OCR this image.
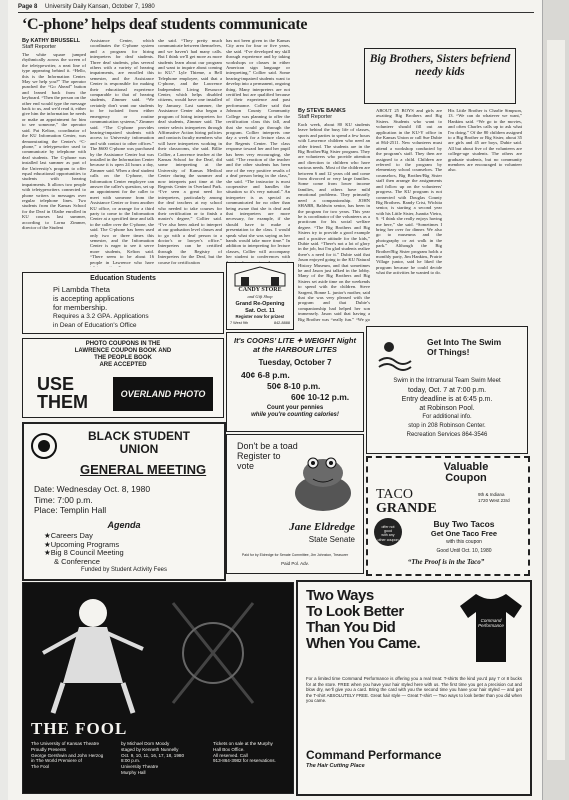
Page 8 University Daily Kansan, October 7, 1980
‘C-phone’ helps deaf students communicate
By KATHY BRUSSELL
Staff Reporter
The white square jumped rhythmically across the screen of the teletypewriter, a neat line of type appearing behind it. “Hello, this is the Information Center. May we help you?” The operator punched the “Go Ahead” button and leaned back from the keyboard. “Then the person on the other end would type the message back to us, and we'd read it, either give him the information he needs or make an appointment for him to see someone,” the operator said. Pat Kelton, coordinator of the KU Information Center, was demonstrating the Center's “C-phone,” a teletypewriter used to communicate by telephone with deaf students. The C-phone was installed last summer as part of the University's program to offer equal educational opportunities to students with hearing impairments. It allows two people with teletypewriters connected to phone writers to messages over regular telephone lines. Two students from the Kansas School for the Deaf in Olathe enrolled in KU courses last summer, according to Lorna Zimmer, director of the Student
Assistance Center, which coordinates the C-phone system and a program for hiring interpreters for deaf students. Three deaf students, plus several others with a variety of hearing impairments, are enrolled this semester, and the Assistance Center is responsible for making their educational experience comparable to that of hearing students, Zimmer said. “We certainly don't want our students to be isolated from either emergency or routine communication systems,” Zimmer said. “The C-phone provides hearing-impaired students with access to University information and with contact to other offices.” The $600 C-phone was purchased by the Assistance Center but was installed in the Information Center because it is open 24 hours a day, Zimmer said. When a deaf student calls on the C-phone, the Information Center employee can answer the caller's question, set up an appointment for the caller to meet with someone from the Assistance Center or from another KU office, or arrange for a third party to come to the Information Center at a specified time and talk to the caller over the C-phone, she said. The C-phone has been used only two or three times this semester, and the Information Center is eager to see it serve more students, Kelton said. “There seem to be about 16 people in Lawrence who have
she said. “They pretty much communicate between themselves, and we haven't had many calls. But I think we'll get more as more students learn about our program and want to inquire about coming to KU.” Lyle Thieme, a Bell Telephone employee, said that a C-phone, and the Lawrence Independent Living Resource Center, which helps disabled citizens, would have one installed by January. Last summer, the Assistance Center also began a program of hiring interpreters for deaf students, Zimmer said. The center selects interpreters through Affirmative Action hiring policies and contacts faculty members who will have interpreters working in their classrooms, she said. Billie Collier, a Lawrence teacher at the Kansas School for the Deaf, did some interpreting at the University of Kansas Medical Center during the summer and now interprets part time at the Regents Center in Overland Park. “I've seen a great need for interpreters, particularly among the deaf teachers at my school who needed to take courses for their certification or to finish a master's degree,” Collier said. “I've also been asked to interpret at our graduation level classes and to go with a deaf person to a doctor's or lawyer's office.” Interpreters can be certified through the Registry of Interpreters for the Deaf, but the course for certification
has not been given in the Kansas City area for four or five years, she said. “I've developed my skill through experience and by taking workshops or classes in either American sign language or interpreting,” Collier said. Some hearing-impaired students want to develop into a permanent, ongoing thing. Many interpreters are not certified but are qualified because of their experience and past performance. Collier said that Johnson County Community College was planning to offer the certification class this fall, and that she would go through the program. Collier interprets one day a week for a lecture class at the Regents Center. The class response toward her and her pupil has been very encouraging, she said. “The reaction of the teacher and the other students has been one of the very positive results of a deaf person being in the class,” she said. “The instructor is most cooperative and handles the situation so it's very natural.” An interpreter is as special as communicated for no other than being aware that she is deaf and that interpreters are more necessary, for example, if she should have to make a presentation to the class. I would speak what she was saying as her hands would take more time.” In addition to interpreting for lecture classes, Collier will accompany her student to conferences with
Big Brothers, Sisters befriend needy kids
By STEVE BANKS
Staff Reporter
Each week, about 80 KU students leave behind the busy life of classes, sports and parties to spend a few hours with Lawrence children who need an older friend. The students are in the Big Brother/Big Sister program. They are volunteers who provide attention and direction to children who have various needs. Most of the children are between 6 and 12 years old and come from divorced or very large families. Some come from lower income families, and others have mild emotional problems. They primarily need a companionship. JOHN SHABB, Baldwin senior, has been in the program for two years. This year he is coordinator of the volunteers as a practicum for his social welfare degree. “The Big Brothers and Big Sisters try to provide a good example and a positive attitude for the kids,” Dubie said. “There's not a lot of glory in the job, but I'm glad students realize there's a need for it.” Dubie said that Jason enjoyed going to the KU Natural History Museum, and that sometimes he and Jason just talked in the lobby. Many of the Big Brothers and Big Sisters set aside time on the weekends to spend with the children. Steve Sargent, Bonne L. junior's mother, said that she was very pleased with the program and that Dubie’s companionship had helped her son immensely. Jason said that having a Big Brother was “really fun.” “We go
ABOUT 25 BOYS and girls are awaiting Big Brothers and Big Sisters. Students who want to volunteer should fill out an application in the KU-Y office in the Kansas Union or call Sue Dubie at 864-2511. New volunteers must attend a workshop conducted by the program's staff. They then are assigned to a child. Children are referred to the program by elementary school counselors. The counselors, Big Brother/Big Sister staff then arrange the assignments and follow up on the volunteers' progress. The KU program is not connected with Douglas County Big Brothers. Randy Crist, Wichita senior, is starting a second year with his Little Sister, Juanita Vieira, 9. “I think she really enjoys having me here,” she said. “Sometimes I bring her over for dinner. We also go to museums and the photography or art walk in the park.” Although the Big Brother/Big Sister program holds a monthly party, Jim Hankins, Prairie Village junior, said he liked the program because he could decide what the activities he wanted to do.
His Little Brother is Charlie Simpson, 13. “We can do whatever we want,” Hankins said. “We go to the movies, and often Charles calls up to ask what I'm doing.” Of the 80 children assigned to a Big Brother or Big Sister, about 35 are girls and 45 are boys, Dubie said. All but about five of the volunteers are college-age students. The others are graduate students, but no community members are encouraged to volunteer also.
Education Students
Pi Lambda Theta
is accepting applications
for membership.
Requires a 3.2 GPA. Applications
in Dean of Education's Office
PHOTO COUPONS IN THE
LAWRENCE COUPON BOOK AND
THE PEOPLE BOOK
ARE ACCEPTED
USE
THEM	OVERLAND PHOTO
BLACK STUDENT
UNION
GENERAL MEETING
Date: Wednesday Oct. 8, 1980
Time: 7:00 p.m.
Place: Templin Hall
Agenda
★Careers Day
★Upcoming Programs
★Big 8 Council Meeting
& Conference
Funded by Student Activity Fees
CANDY STORE
and Gift Shop
Grand Re-Opening
Sat. Oct. 11
Register now for prizes!
7 West 9th	842-8888
It's COORS’ LITE ✦ WEIGHT Night
at the HARBOUR LITES
Tuesday, October 7
40¢ 6-8 p.m.
50¢ 8-10 p.m.
60¢ 10-12 p.m.
Count your pennies
while you're counting calories!
Don't be a toad
Register to
vote
Jane Eldredge
State Senate
Paid for by Eldredge for Senate Committee, Jim Johnston, Treasurer
Paid Pol. Adv.
Get Into The Swim
Of Things!
Swim in the Intramural Team Swim Meet
today, Oct. 7 at 7:00 p.m.
Entry deadline is at 6:45 p.m.
at Robinson Pool.
For additional info.
stop in 208 Robinson Center.
Recreation Services 864-3546
Valuable
Coupon
TACO
GRANDE
9th & Indiana
1720 West 23rd
offer not
good
with any
other coupon
Buy Two Tacos
Get One Taco Free
with this coupon
Good Until Oct. 10, 1980
“The Proof is in the Taco”
THE FOOL
The University of Kansas Theatre
Proudly Presents
George Gershwin and John Herzog
in The World Premiere of
The Fool
by Michael Dorn Moody
staged by Kenneth Nunnelly
Oct. 9, 10, 11, 16, 17, 18, 1980
8:00 p.m.
University Theatre
Murphy Hall
Tickets on sale at the Murphy
Hall Box Office.
All reserved. Call
913-864-3982 for reservations.
Two Ways
To Look Better
Than You Did
When You Came.
Command
Performance
For a limited time Command Performance is offering you a real treat: T-shirts the kind you’d pay 7 or 8 bucks for at the store. FREE when you have your hair styled here with us. The first time you get a precision cut and blow dry, we’ll give you a card. Bring the card with you the second time you have your hair styled — and get the T-shirt ABSOLUTELY FREE. Great hair style — Great T-shirt — Two ways to look better than you did when you came.
Command Performance
The Hair Cutting Place
